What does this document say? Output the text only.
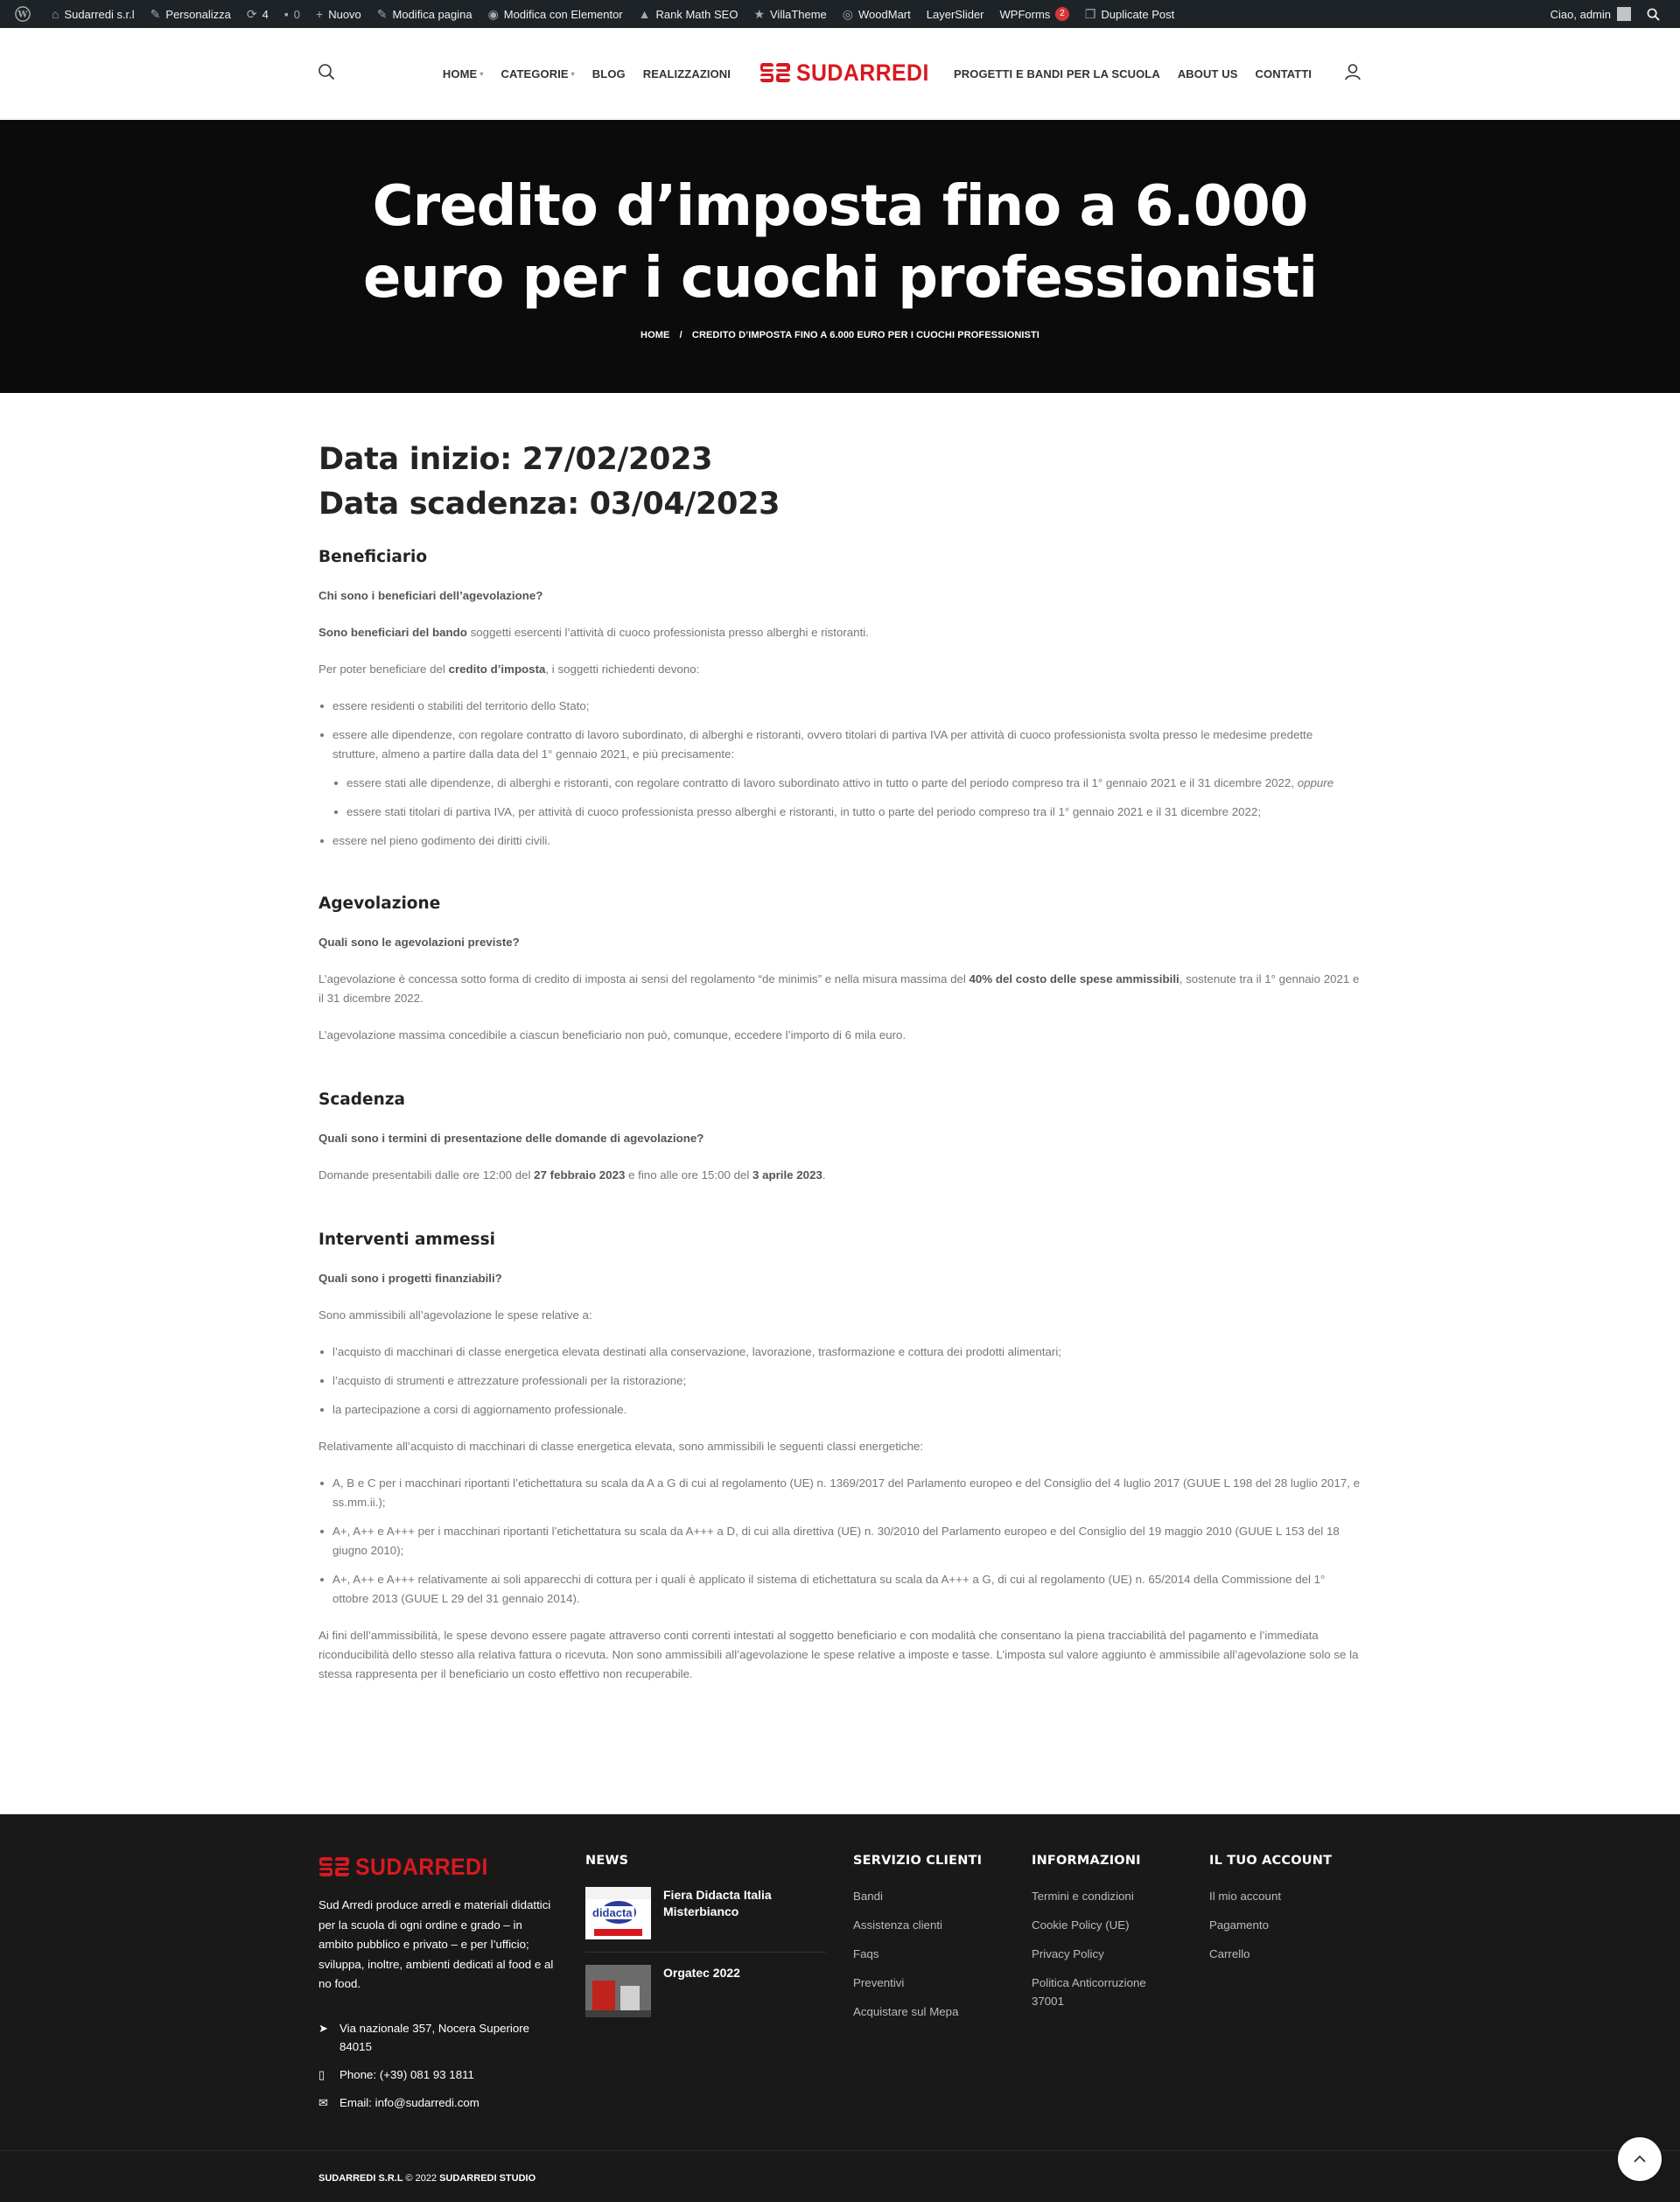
W ⌂ Sudarredi s.r.l ✎ Personalizza ⟳ 4 ▪ 0 + Nuovo ✎ Modifica pagina ◉ Modifica con Elementor ▲ Rank Math SEO ★ VillaTheme ◎ WoodMart LayerSlider WPForms	2	❐ Duplicate Post	Ciao, admin
HOME ▾ CATEGORIE ▾ BLOG REALIZZAZIONI	SUDARREDI PROGETTI E BANDI PER LA SCUOLA ABOUT US CONTATTI
Credito d’imposta fino a 6.000 euro per i cuochi professionisti
HOME / CREDITO D’IMPOSTA FINO A 6.000 EURO PER I CUOCHI PROFESSIONISTI
Data inizio: 27/02/2023
Data scadenza: 03/04/2023
Beneficiario

Chi sono i beneficiari dell’agevolazione?

Sono beneficiari del bando soggetti esercenti l’attività di cuoco professionista presso alberghi e ristoranti.

Per poter beneficiare del credito d’imposta, i soggetti richiedenti devono:

essere residenti o stabiliti del territorio dello Stato;
essere alle dipendenze, con regolare contratto di lavoro subordinato, di alberghi e ristoranti, ovvero titolari di partiva IVA per attività di cuoco professionista svolta presso le medesime predette strutture, almeno a partire dalla data del 1° gennaio 2021, e più precisamente:
essere stati alle dipendenze, di alberghi e ristoranti, con regolare contratto di lavoro subordinato attivo in tutto o parte del periodo compreso tra il 1° gennaio 2021 e il 31 dicembre 2022, oppure
essere stati titolari di partiva IVA, per attività di cuoco professionista presso alberghi e ristoranti, in tutto o parte del periodo compreso tra il 1° gennaio 2021 e il 31 dicembre 2022;
essere nel pieno godimento dei diritti civili.
Agevolazione

Quali sono le agevolazioni previste?

L’agevolazione è concessa sotto forma di credito di imposta ai sensi del regolamento “de minimis” e nella misura massima del 40% del costo delle spese ammissibili, sostenute tra il 1° gennaio 2021 e il 31 dicembre 2022.

L’agevolazione massima concedibile a ciascun beneficiario non può, comunque, eccedere l’importo di 6 mila euro.

Scadenza

Quali sono i termini di presentazione delle domande di agevolazione?

Domande presentabili dalle ore 12:00 del 27 febbraio 2023 e fino alle ore 15:00 del 3 aprile 2023.

Interventi ammessi

Quali sono i progetti finanziabili?

Sono ammissibili all’agevolazione le spese relative a:

l’acquisto di macchinari di classe energetica elevata destinati alla conservazione, lavorazione, trasformazione e cottura dei prodotti alimentari;
l’acquisto di strumenti e attrezzature professionali per la ristorazione;
la partecipazione a corsi di aggiornamento professionale.

Relativamente all’acquisto di macchinari di classe energetica elevata, sono ammissibili le seguenti classi energetiche:

A, B e C per i macchinari riportanti l’etichettatura su scala da A a G di cui al regolamento (UE) n. 1369/2017 del Parlamento europeo e del Consiglio del 4 luglio 2017 (GUUE L 198 del 28 luglio 2017, e ss.mm.ii.);
A+, A++ e A+++ per i macchinari riportanti l’etichettatura su scala da A+++ a D, di cui alla direttiva (UE) n. 30/2010 del Parlamento europeo e del Consiglio del 19 maggio 2010 (GUUE L 153 del 18 giugno 2010);
A+, A++ e A+++ relativamente ai soli apparecchi di cottura per i quali è applicato il sistema di etichettatura su scala da A+++ a G, di cui al regolamento (UE) n. 65/2014 della Commissione del 1° ottobre 2013 (GUUE L 29 del 31 gennaio 2014).

Ai fini dell’ammissibilità, le spese devono essere pagate attraverso conti correnti intestati al soggetto beneficiario e con modalità che consentano la piena tracciabilità del pagamento e l’immediata riconducibilità dello stesso alla relativa fattura o ricevuta. Non sono ammissibili all’agevolazione le spese relative a imposte e tasse. L’imposta sul valore aggiunto è ammissibile all’agevolazione solo se la stessa rappresenta per il beneficiario un costo effettivo non recuperabile.

SUDARREDI
Sud Arredi produce arredi e materiali didattici per la scuola di ogni ordine e grado – in ambito pubblico e privato – e per l’ufficio; sviluppa, inoltre, ambienti dedicati al food e al no food.
➤ Via nazionale 357, Nocera Superiore 84015
▯	Phone: (+39) 081 93 1811
✉ Email: info@sudarredi.com
NEWS
didacta
Fiera Didacta Italia Misterbianco
Orgatec 2022
SERVIZIO CLIENTI
Bandi
Assistenza clienti
Faqs
Preventivi
Acquistare sul Mepa
INFORMAZIONI
Termini e condizioni
Cookie Policy (UE)
Privacy Policy
Politica Anticorruzione 37001
IL TUO ACCOUNT
Il mio account
Pagamento
Carrello
SUDARREDI S.R.L © 2022 SUDARREDI STUDIO
